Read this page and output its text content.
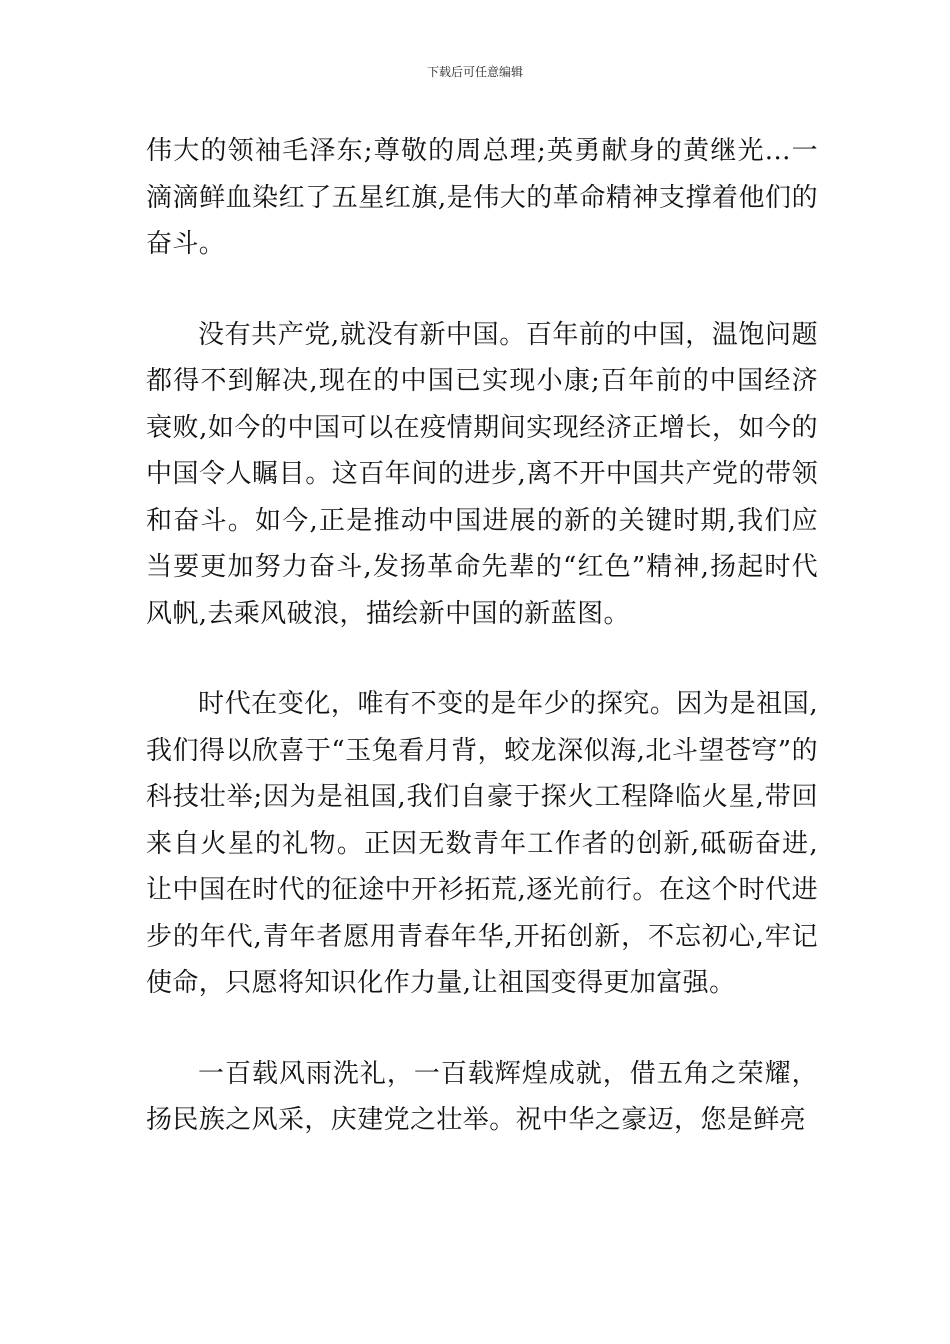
下载后可任意编辑

伟大的领袖毛泽东;尊敬的周总理;英勇献身的黄继光...一滴滴鲜血染红了五星红旗,是伟大的革命精神支撑着他们的奋斗。

没有共产党,就没有新中国。百年前的中国，温饱问题都得不到解决,现在的中国已实现小康;百年前的中国经济衰败,如今的中国可以在疫情期间实现经济正增长，如今的中国令人瞩目。这百年间的进步,离不开中国共产党的带领和奋斗。如今,正是推动中国进展的新的关键时期,我们应当要更加努力奋斗,发扬革命先辈的“红色”精神,扬起时代风帆,去乘风破浪，描绘新中国的新蓝图。

时代在变化，唯有不变的是年少的探究。因为是祖国,我们得以欣喜于“玉兔看月背，蛟龙深似海,北斗望苍穹”的科技壮举;因为是祖国,我们自豪于探火工程降临火星,带回来自火星的礼物。正因无数青年工作者的创新,砥砺奋进,让中国在时代的征途中开衫拓荒,逐光前行。在这个时代进步的年代,青年者愿用青春年华,开拓创新，不忘初心,牢记使命，只愿将知识化作力量,让祖国变得更加富强。

一百载风雨洗礼，一百载辉煌成就，借五角之荣耀，扬民族之风采，庆建党之壮举。祝中华之豪迈，您是鲜亮
